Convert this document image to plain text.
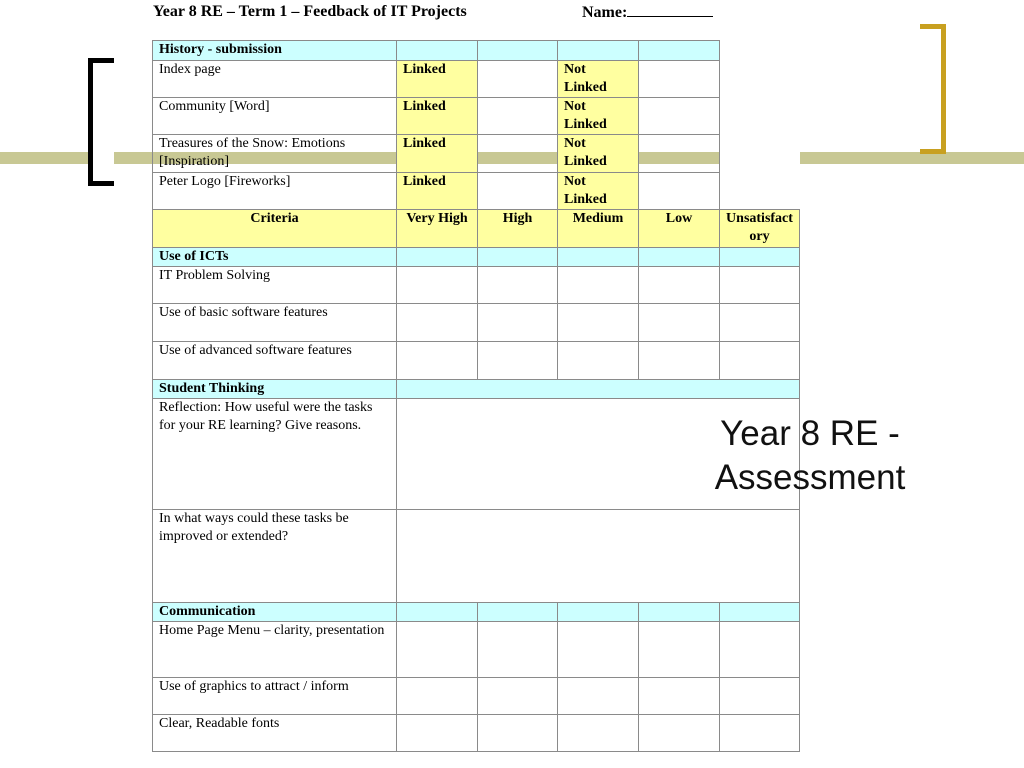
Year 8 RE – Term 1 – Feedback of IT Projects	Name:
History - submission					
Index page	Linked		Not Linked		
Community [Word]	Linked		Not Linked		
Treasures of the Snow: Emotions [Inspiration]	Linked		Not Linked		
Peter Logo [Fireworks]	Linked		Not Linked		
Criteria	Very High	High	Medium	Low	Unsatisfactory
Use of ICTs					
IT Problem Solving					
Use of basic software features					
Use of advanced software features					
Student Thinking					
Reflection: How useful were the tasks for your RE learning? Give reasons.					
In what ways could these tasks be improved or extended?					
Communication					
Home Page Menu – clarity, presentation					
Use of graphics to attract / inform					
Clear, Readable fonts					
Year 8 RE - Assessment
